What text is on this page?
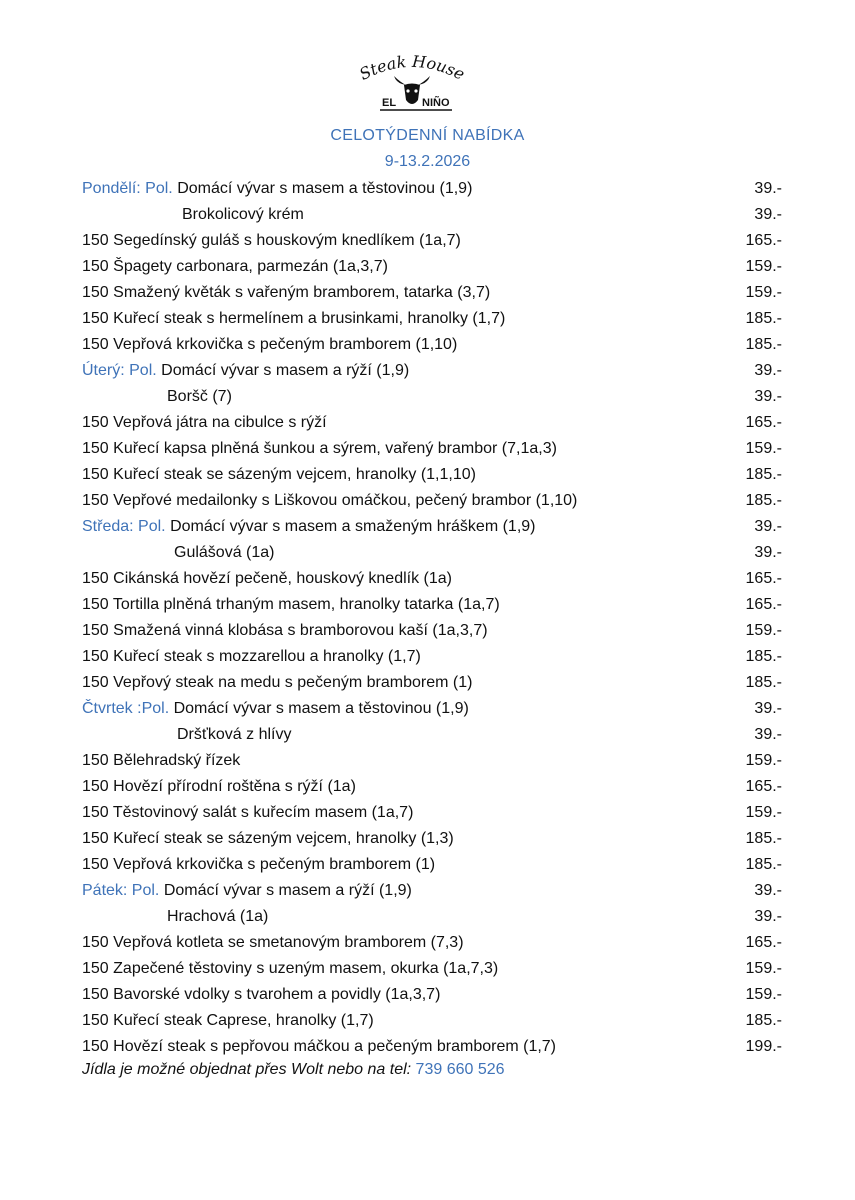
Steak House
EL NIÑO
CELOTÝDENNÍ NABÍDKA
9-13.2.2026
Pondělí: Pol. Domácí vývar s masem a těstovinou (1,9)	39.-
Brokolicový krém	39.-
150 Segedínský guláš s houskovým knedlíkem (1a,7)	165.-
150 Špagety carbonara, parmezán (1a,3,7)	159.-
150 Smažený květák s vařeným bramborem, tatarka (3,7)	159.-
150 Kuřecí steak s hermelínem a brusinkami, hranolky (1,7)	185.-
150 Vepřová krkovička s pečeným bramborem (1,10)	185.-
Úterý: Pol. Domácí vývar s masem a rýží (1,9)	39.-
Boršč (7)	39.-
150 Vepřová játra na cibulce s rýží	165.-
150 Kuřecí kapsa plněná šunkou a sýrem, vařený brambor (7,1a,3)	159.-
150 Kuřecí steak se sázeným vejcem, hranolky (1,1,10)	185.-
150 Vepřové medailonky s Liškovou omáčkou, pečený brambor (1,10)	185.-
Středa: Pol. Domácí vývar s masem a smaženým hráškem (1,9)	39.-
Gulášová (1a)	39.-
150 Cikánská hovězí pečeně, houskový knedlík (1a)	165.-
150 Tortilla plněná trhaným masem, hranolky tatarka (1a,7)	165.-
150 Smažená vinná klobása s bramborovou kaší (1a,3,7)	159.-
150 Kuřecí steak s mozzarellou a hranolky (1,7)	185.-
150 Vepřový steak na medu s pečeným bramborem (1)	185.-
Čtvrtek :Pol. Domácí vývar s masem a těstovinou (1,9)	39.-
Dršťková z hlívy	39.-
150 Bělehradský řízek	159.-
150 Hovězí přírodní roštěna s rýží (1a)	165.-
150 Těstovinový salát s kuřecím masem (1a,7)	159.-
150 Kuřecí steak se sázeným vejcem, hranolky (1,3)	185.-
150 Vepřová krkovička s pečeným bramborem (1)	185.-
Pátek: Pol. Domácí vývar s masem a rýží (1,9)	39.-
Hrachová (1a)	39.-
150 Vepřová kotleta se smetanovým bramborem (7,3)	165.-
150 Zapečené těstoviny s uzeným masem, okurka (1a,7,3)	159.-
150 Bavorské vdolky s tvarohem a povidly (1a,3,7)	159.-
150 Kuřecí steak Caprese, hranolky (1,7)	185.-
150 Hovězí steak s pepřovou máčkou a pečeným bramborem (1,7)	199.-
Jídla je možné objednat přes Wolt nebo na tel: 739 660 526
